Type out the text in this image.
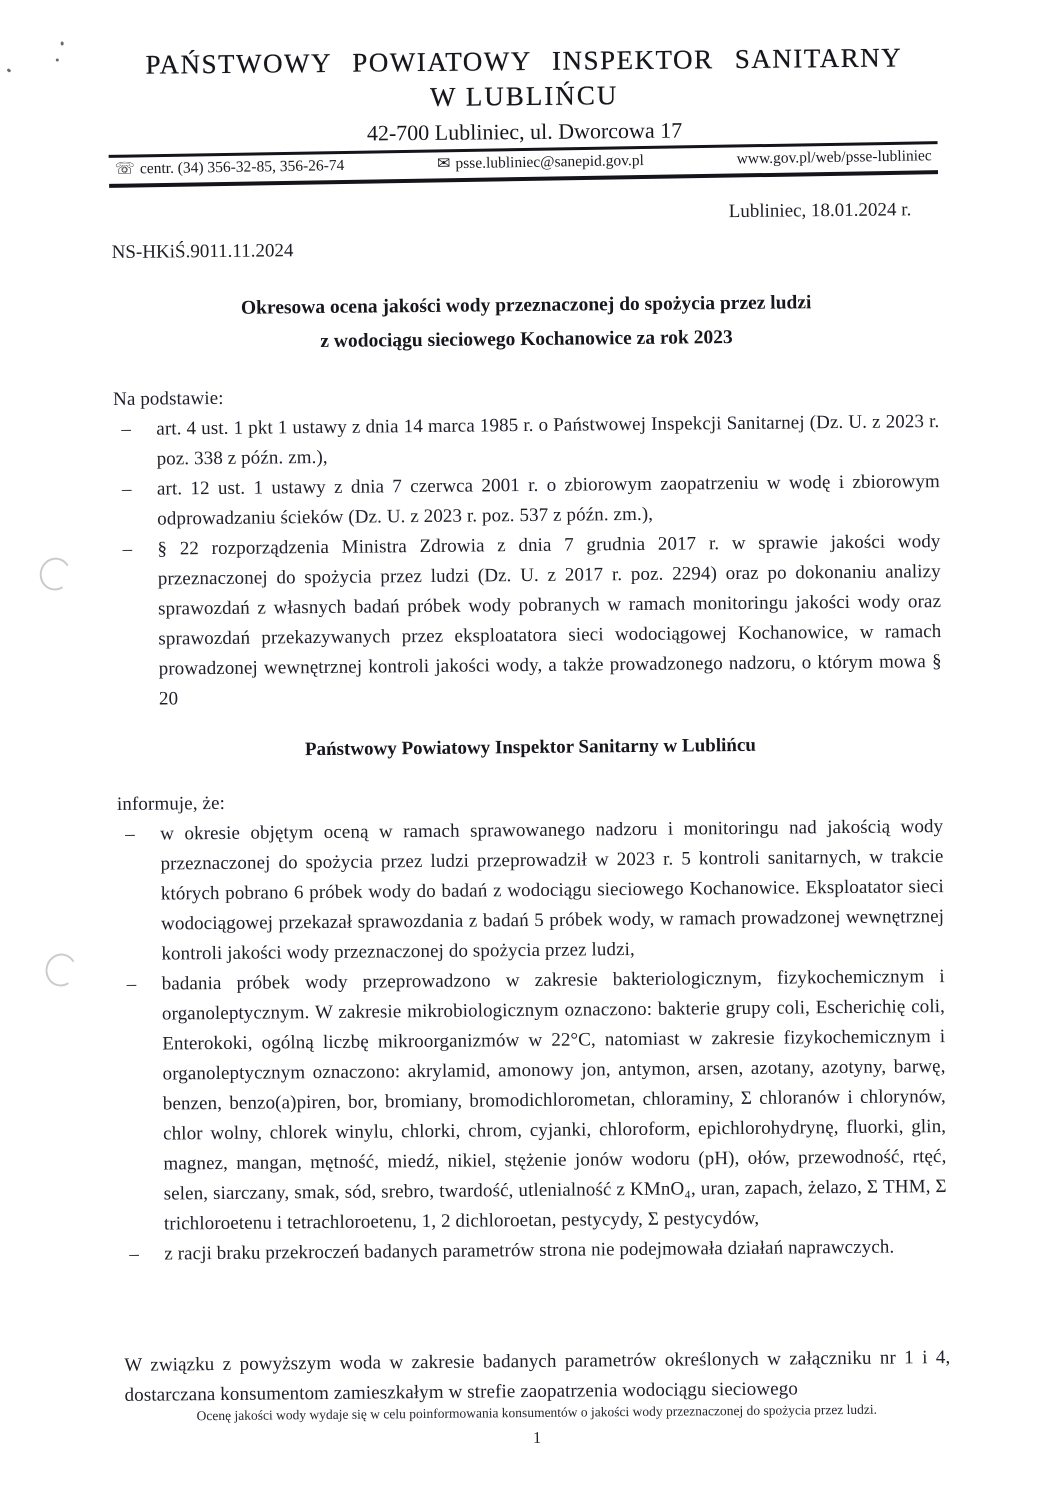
PAŃSTWOWY POWIATOWY INSPEKTOR SANITARNY
W LUBLIŃCU
42-700 Lubliniec, ul. Dworcowa 17
☏ centr. (34) 356-32-85, 356-26-74	✉ psse.lubliniec@sanepid.gov.pl	www.gov.pl/web/psse-lubliniec
Lubliniec, 18.01.2024 r.
NS-HKiŚ.9011.11.2024
Okresowa ocena jakości wody przeznaczonej do spożycia przez ludzi
z wodociągu sieciowego Kochanowice za rok 2023

Na podstawie:

– art. 4 ust. 1 pkt 1 ustawy z dnia 14 marca 1985 r. o Państwowej Inspekcji Sanitarnej (Dz. U. z 2023 r. poz. 338 z późn. zm.),

– art. 12 ust. 1 ustawy z dnia 7 czerwca 2001 r. o zbiorowym zaopatrzeniu w wodę i zbiorowym odprowadzaniu ścieków (Dz. U. z 2023 r. poz. 537 z późn. zm.),

– § 22 rozporządzenia Ministra Zdrowia z dnia 7 grudnia 2017 r. w sprawie jakości wody przeznaczonej do spożycia przez ludzi (Dz. U. z 2017 r. poz. 2294) oraz po dokonaniu analizy sprawozdań z własnych badań próbek wody pobranych w ramach monitoringu jakości wody oraz sprawozdań przekazywanych przez eksploatatora sieci wodociągowej Kochanowice, w ramach prowadzonej wewnętrznej kontroli jakości wody, a także prowadzonego nadzoru, o którym mowa § 20

Państwowy Powiatowy Inspektor Sanitarny w Lublińcu

informuje, że:

– w okresie objętym oceną w ramach sprawowanego nadzoru i monitoringu nad jakością wody przeznaczonej do spożycia przez ludzi przeprowadził w 2023 r. 5 kontroli sanitarnych, w trakcie których pobrano 6 próbek wody do badań z wodociągu sieciowego Kochanowice. Eksploatator sieci wodociągowej przekazał sprawozdania z badań 5 próbek wody, w ramach prowadzonej wewnętrznej kontroli jakości wody przeznaczonej do spożycia przez ludzi,

– badania próbek wody przeprowadzono w zakresie bakteriologicznym, fizykochemicznym i organoleptycznym. W zakresie mikrobiologicznym oznaczono: bakterie grupy coli, Escherichię coli, Enterokoki, ogólną liczbę mikroorganizmów w 22°C, natomiast w zakresie fizykochemicznym i organoleptycznym oznaczono: akrylamid, amonowy jon, antymon, arsen, azotany, azotyny, barwę, benzen, benzo(a)piren, bor, bromiany, bromodichlorometan, chloraminy, Σ chloranów i chlorynów, chlor wolny, chlorek winylu, chlorki, chrom, cyjanki, chloroform, epichlorohydrynę, fluorki, glin, magnez, mangan, mętność, miedź, nikiel, stężenie jonów wodoru (pH), ołów, przewodność, rtęć, selen, siarczany, smak, sód, srebro, twardość, utlenialność z KMnO₄, uran, zapach, żelazo, Σ THM, Σ trichloroetenu i tetrachloroetenu, 1, 2 dichloroetan, pestycydy, Σ pestycydów,

– z racji braku przekroczeń badanych parametrów strona nie podejmowała działań naprawczych.

W związku z powyższym woda w zakresie badanych parametrów określonych w załączniku nr 1 i 4, dostarczana konsumentom zamieszkałym w strefie zaopatrzenia wodociągu sieciowego

Ocenę jakości wody wydaje się w celu poinformowania konsumentów o jakości wody przeznaczonej do spożycia przez ludzi.
1
